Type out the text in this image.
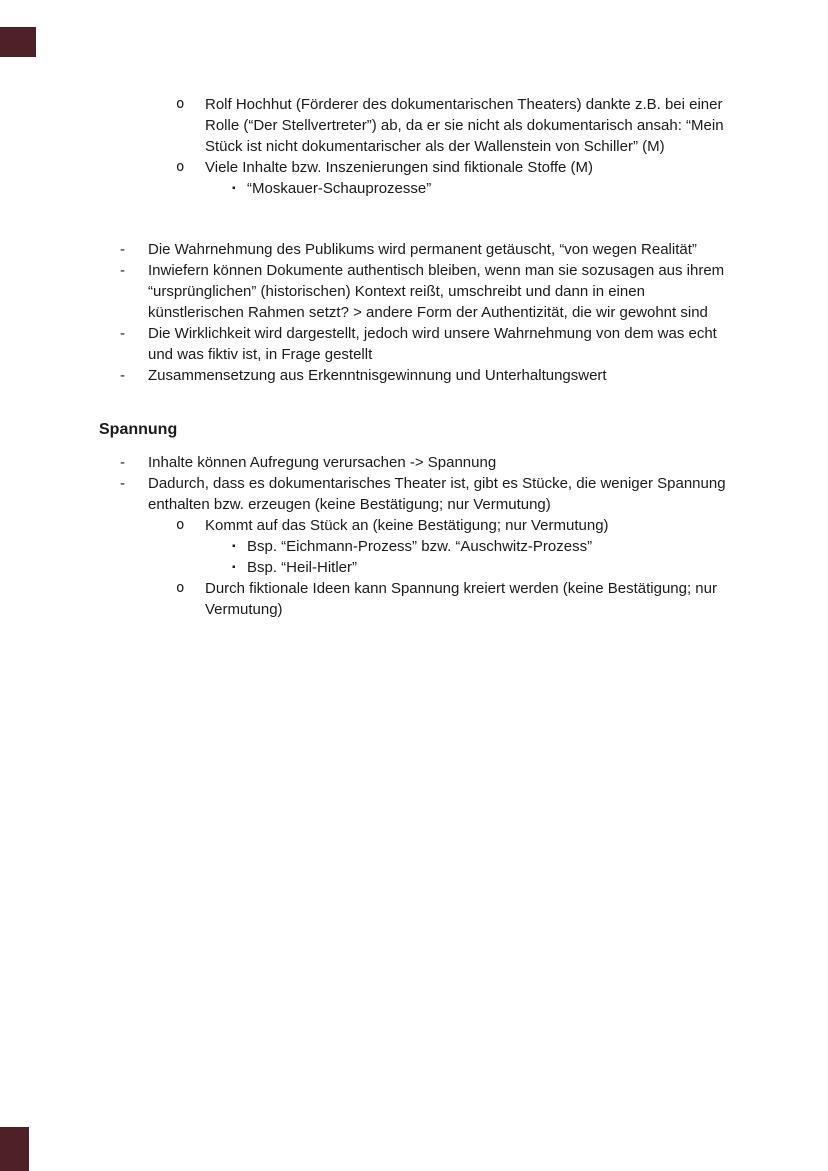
o Rolf Hochhut (Förderer des dokumentarischen Theaters) dankte z.B. bei einer Rolle (“Der Stellvertreter”) ab, da er sie nicht als dokumentarisch ansah: “Mein Stück ist nicht dokumentarischer als der Wallenstein von Schiller” (M)
o Viele Inhalte bzw. Inszenierungen sind fiktionale Stoffe (M)
▪ “Moskauer-Schauprozesse”
- Die Wahrnehmung des Publikums wird permanent getäuscht, “von wegen Realität”
- Inwiefern können Dokumente authentisch bleiben, wenn man sie sozusagen aus ihrem “ursprünglichen” (historischen) Kontext reißt, umschreibt und dann in einen künstlerischen Rahmen setzt? > andere Form der Authentizität, die wir gewohnt sind
- Die Wirklichkeit wird dargestellt, jedoch wird unsere Wahrnehmung von dem was echt und was fiktiv ist, in Frage gestellt
- Zusammensetzung aus Erkenntnisgewinnung und Unterhaltungswert
Spannung
- Inhalte können Aufregung verursachen -> Spannung
- Dadurch, dass es dokumentarisches Theater ist, gibt es Stücke, die weniger Spannung enthalten bzw. erzeugen (keine Bestätigung; nur Vermutung)
o Kommt auf das Stück an (keine Bestätigung; nur Vermutung)
▪ Bsp. “Eichmann-Prozess” bzw. “Auschwitz-Prozess”
▪ Bsp. “Heil-Hitler”
o Durch fiktionale Ideen kann Spannung kreiert werden (keine Bestätigung; nur Vermutung)
